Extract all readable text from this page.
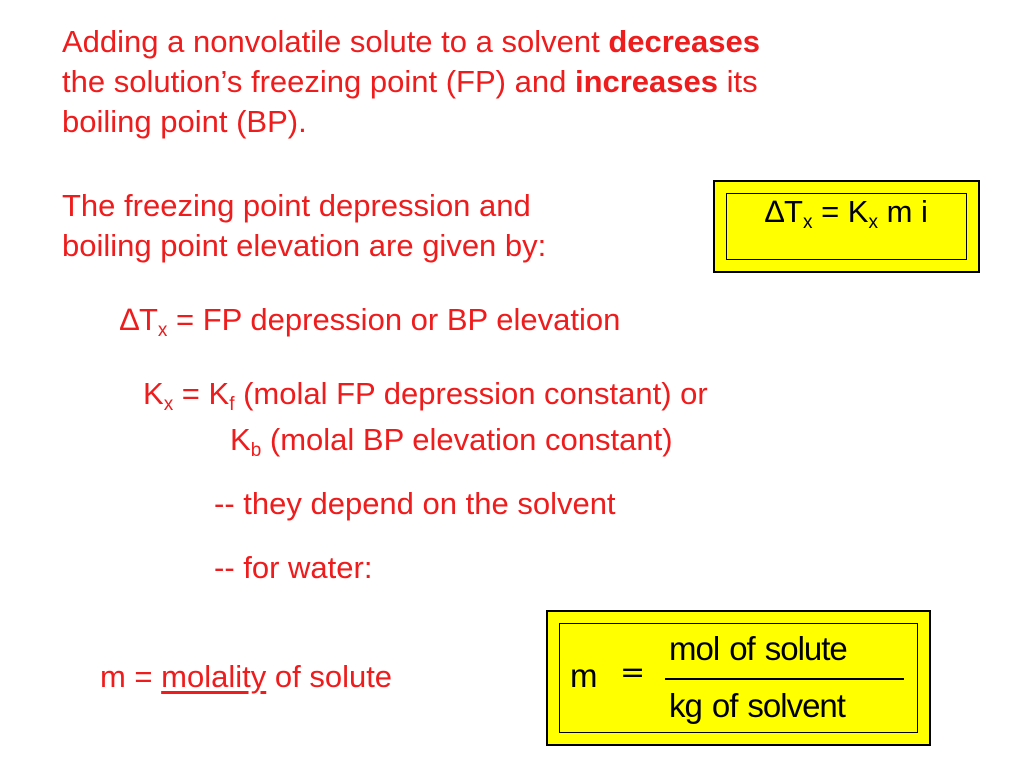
Adding a nonvolatile solute to a solvent decreases
the solution’s freezing point (FP) and increases its
boiling point (BP).
The freezing point depression and
boiling point elevation are given by:
$\Delta T_x = K_x$ m i
$\Delta T_x$ = FP depression or BP elevation
$K_x = K_f$ (molal FP depression constant) or
$K_b$ (molal BP elevation constant)
-- they depend on the solvent
-- for water:
m = molality of solute	m =
mol of solute
kg of solvent
